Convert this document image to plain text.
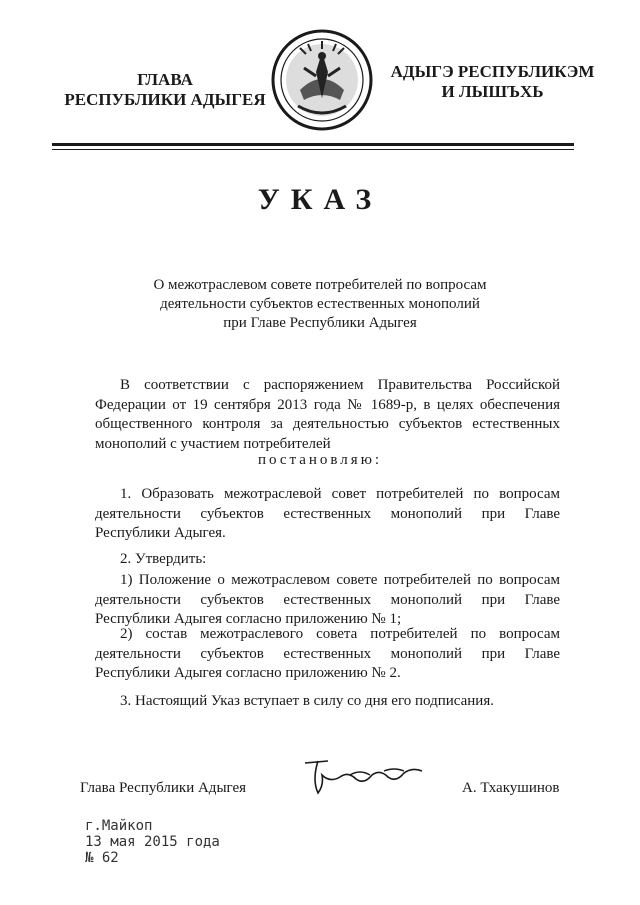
ГЛАВА
РЕСПУБЛИКИ АДЫГЕЯ
АДЫГЭ РЕСПУБЛИКЭМ
И ЛЫШЪХЬ
УКАЗ
О межотраслевом совете потребителей по вопросам
деятельности субъектов естественных монополий
при Главе Республики Адыгея
В соответствии с распоряжением Правительства Российской Федерации от 19 сентября 2013 года № 1689-р, в целях обеспечения общественного контроля за деятельностью субъектов естественных монополий с участием потребителей
постановляю:
1. Образовать межотраслевой совет потребителей по вопросам деятельности субъектов естественных монополий при Главе Республики Адыгея.
2. Утвердить:
1) Положение о межотраслевом совете потребителей по вопросам деятельности субъектов естественных монополий при Главе Республики Адыгея согласно приложению № 1;
2) состав межотраслевого совета потребителей по вопросам деятельности субъектов естественных монополий при Главе Республики Адыгея согласно приложению № 2.
3. Настоящий Указ вступает в силу со дня его подписания.
Глава Республики Адыгея	А. Тхакушинов
г.Майкоп
13 мая 2015 года
№ 62
